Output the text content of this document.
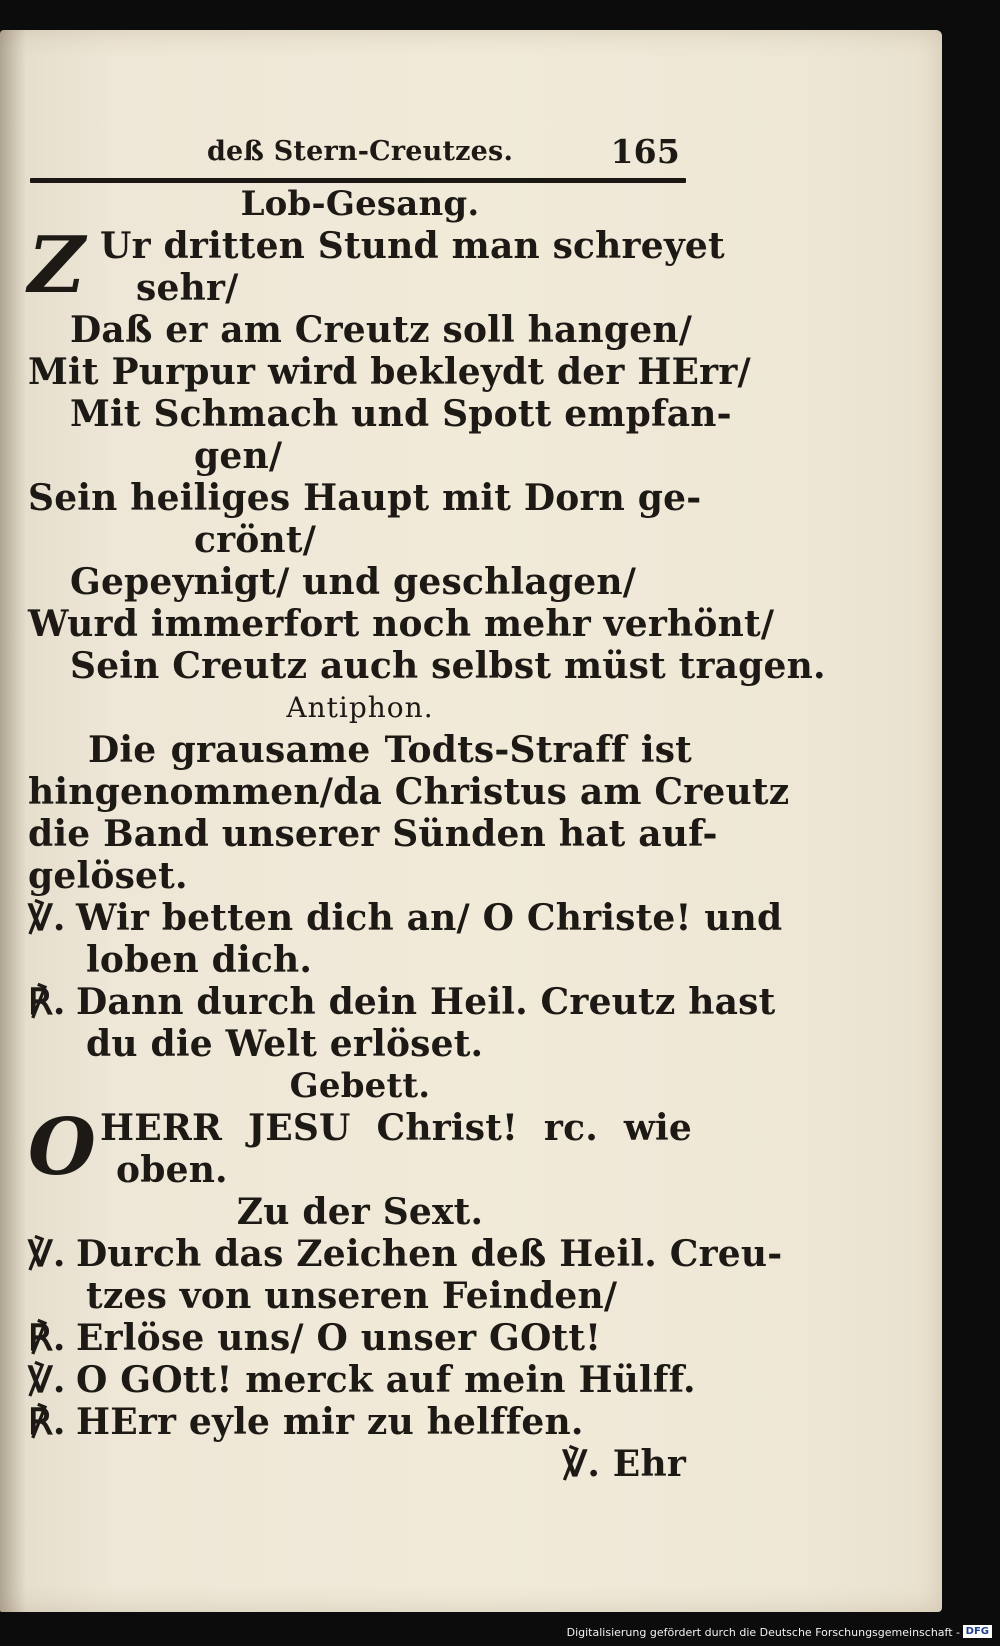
deß Stern-Creutzes.	165
Lob-Gesang.
Z Ur dritten Stund man schreyet
sehr/
Daß er am Creutz soll hangen/
Mit Purpur wird bekleydt der HErr/
Mit Schmach und Spott empfan-
gen/
Sein heiliges Haupt mit Dorn ge-
crönt/
Gepeynigt/ und geschlagen/
Wurd immerfort noch mehr verhönt/
Sein Creutz auch selbst müst tragen.
Antiphon.
Die grausame Todts-Straff ist
hingenommen/da Christus am Creutz
die Band unserer Sünden hat auf-
gelöset.
℣. Wir betten dich an/ O Christe! und
loben dich.
℟. Dann durch dein Heil. Creutz hast
du die Welt erlöset.
Gebett.
O HERR JESU Christ! rc. wie
oben.
Zu der Sext.
℣. Durch das Zeichen deß Heil. Creu-
tzes von unseren Feinden/
℟. Erlöse uns/ O unser GOtt!
℣. O GOtt! merck auf mein Hülff.
℟. HErr eyle mir zu helffen.
℣. Ehr
Digitalisierung gefördert durch die Deutsche Forschungsgemeinschaft - DFG
